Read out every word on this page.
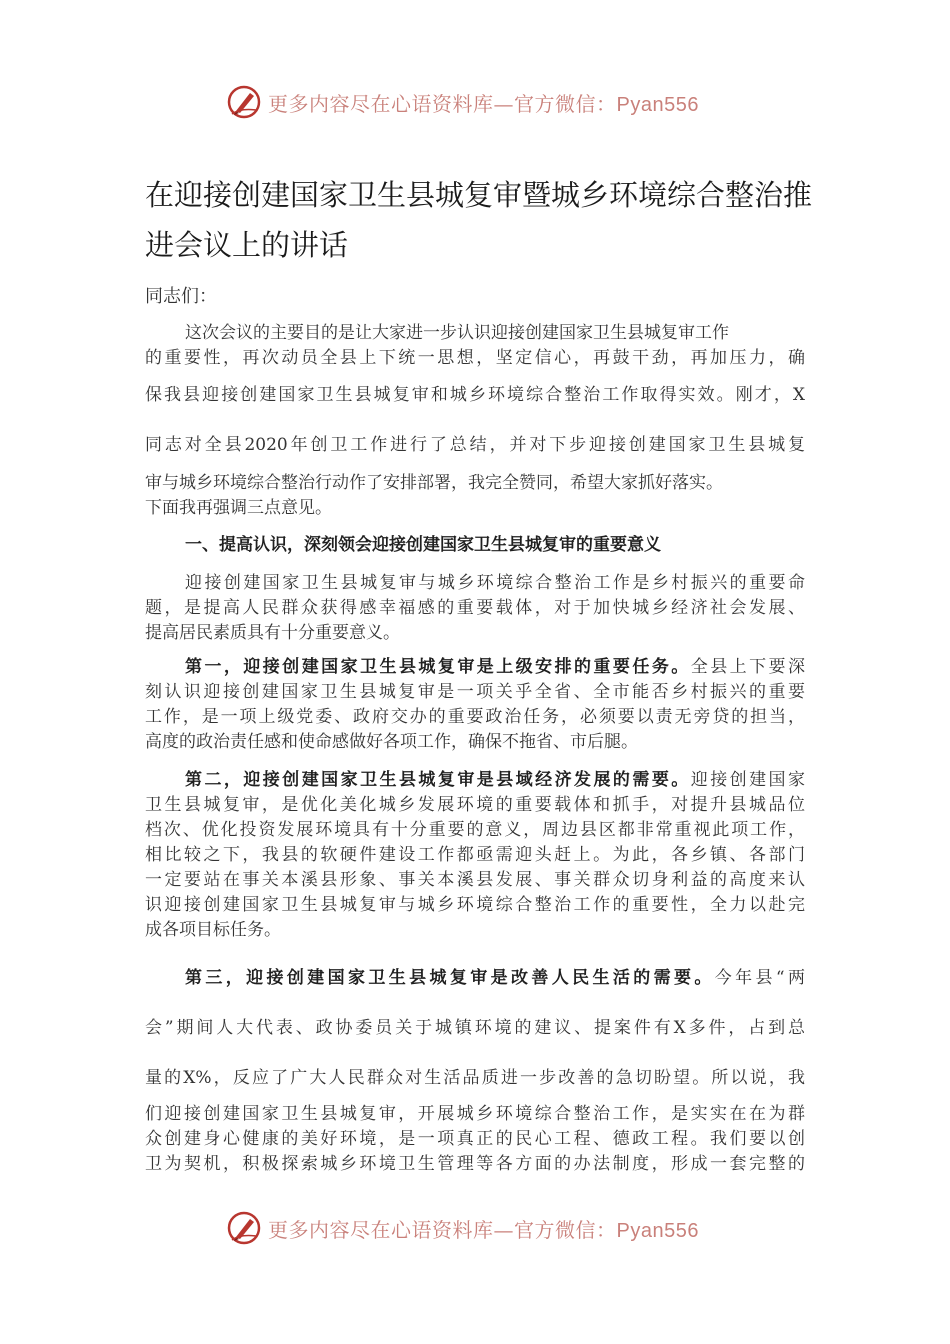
更多内容尽在心语资料库—官方微信：Pyan556
在迎接创建国家卫生县城复审暨城乡环境综合整治推
进会议上的讲话
同志们：
这次会议的主要目的是让大家进一步认识迎接创建国家卫生县城复审工作
的重要性，再次动员全县上下统一思想，坚定信心，再鼓干劲，再加压力，确
保我县迎接创建国家卫生县城复审和城乡环境综合整治工作取得实效。刚才，X
同志对全县2020年创卫工作进行了总结，并对下步迎接创建国家卫生县城复
审与城乡环境综合整治行动作了安排部署，我完全赞同，希望大家抓好落实。
下面我再强调三点意见。
一、提高认识，深刻领会迎接创建国家卫生县城复审的重要意义
迎接创建国家卫生县城复审与城乡环境综合整治工作是乡村振兴的重要命
题，是提高人民群众获得感幸福感的重要载体，对于加快城乡经济社会发展、
提高居民素质具有十分重要意义。
第一，迎接创建国家卫生县城复审是上级安排的重要任务。全县上下要深
刻认识迎接创建国家卫生县城复审是一项关乎全省、全市能否乡村振兴的重要
工作，是一项上级党委、政府交办的重要政治任务，必须要以责无旁贷的担当，
高度的政治责任感和使命感做好各项工作，确保不拖省、市后腿。
第二，迎接创建国家卫生县城复审是县域经济发展的需要。迎接创建国家
卫生县城复审，是优化美化城乡发展环境的重要载体和抓手，对提升县城品位
档次、优化投资发展环境具有十分重要的意义，周边县区都非常重视此项工作，
相比较之下，我县的软硬件建设工作都亟需迎头赶上。为此，各乡镇、各部门
一定要站在事关本溪县形象、事关本溪县发展、事关群众切身利益的高度来认
识迎接创建国家卫生县城复审与城乡环境综合整治工作的重要性，全力以赴完
成各项目标任务。
第三，迎接创建国家卫生县城复审是改善人民生活的需要。今年县“两
会”期间人大代表、政协委员关于城镇环境的建议、提案件有X多件，占到总
量的X%，反应了广大人民群众对生活品质进一步改善的急切盼望。所以说，我
们迎接创建国家卫生县城复审，开展城乡环境综合整治工作，是实实在在为群
众创建身心健康的美好环境，是一项真正的民心工程、德政工程。我们要以创
卫为契机，积极探索城乡环境卫生管理等各方面的办法制度，形成一套完整的
更多内容尽在心语资料库—官方微信：Pyan556
